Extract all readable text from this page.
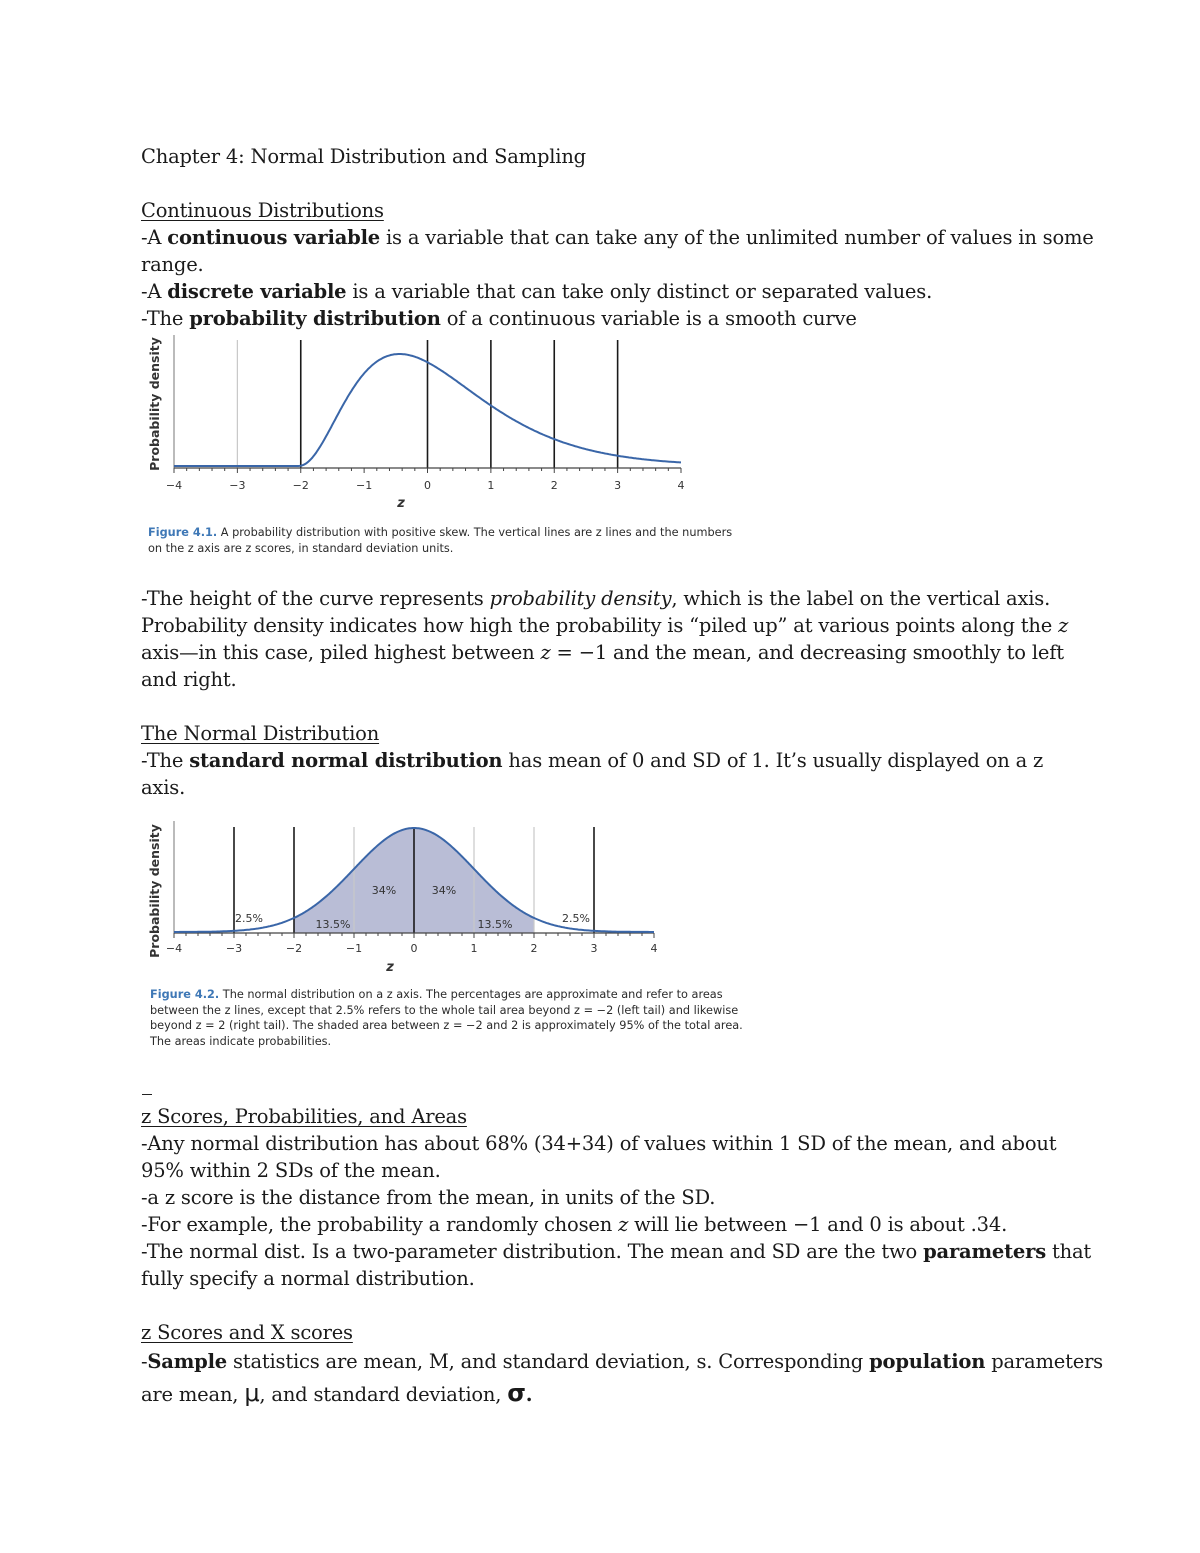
Chapter 4: Normal Distribution and Sampling
Continuous Distributions
-A continuous variable is a variable that can take any of the unlimited number of values in some
range.
-A discrete variable is a variable that can take only distinct or separated values.
-The probability distribution of a continuous variable is a smooth curve
−4	−3	−2	−1	0	1	2	3	4
Probability density
z
Figure 4.1. A probability distribution with positive skew. The vertical lines are z lines and the numbers
on the z axis are z scores, in standard deviation units.
-The height of the curve represents probability density, which is the label on the vertical axis.
Probability density indicates how high the probability is “piled up” at various points along the z
axis—in this case, piled highest between z = −1 and the mean, and decreasing smoothly to left
and right.
The Normal Distribution
-The standard normal distribution has mean of 0 and SD of 1. It’s usually displayed on a z
axis.
−4	−3	−2	−1	0	1	2	3	4
2.5%	13.5%
34%	34%
13.5%	2.5%
Probability density
z
Figure 4.2. The normal distribution on a z axis. The percentages are approximate and refer to areas
between the z lines, except that 2.5% refers to the whole tail area beyond z = −2 (left tail) and likewise
beyond z = 2 (right tail). The shaded area between z = −2 and 2 is approximately 95% of the total area.
The areas indicate probabilities.
z Scores, Probabilities, and Areas
-Any normal distribution has about 68% (34+34) of values within 1 SD of the mean, and about
95% within 2 SDs of the mean.
-a z score is the distance from the mean, in units of the SD.
-For example, the probability a randomly chosen z will lie between −1 and 0 is about .34.
-The normal dist. Is a two-parameter distribution. The mean and SD are the two parameters that
fully specify a normal distribution.
z Scores and X scores
-Sample statistics are mean, M, and standard deviation, s. Corresponding population parameters
are mean, μ, and standard deviation, σ.
